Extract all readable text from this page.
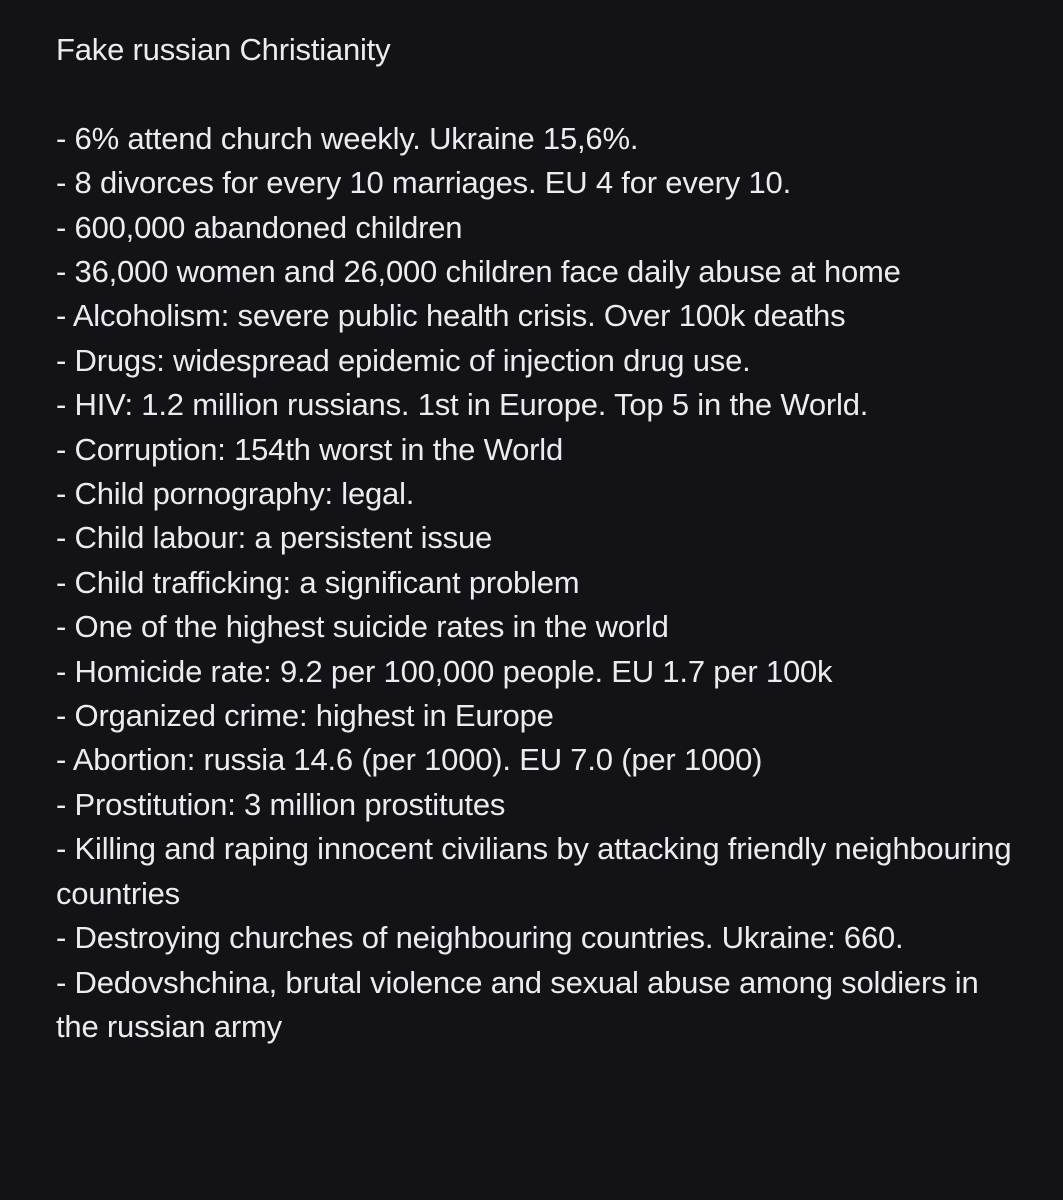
Fake russian Christianity
- 6% attend church weekly. Ukraine 15,6%.
- 8 divorces for every 10 marriages. EU 4 for every 10.
- 600,000 abandoned children
- 36,000 women and 26,000 children face daily abuse at home
- Alcoholism: severe public health crisis. Over 100k deaths
- Drugs: widespread epidemic of injection drug use.
- HIV: 1.2 million russians. 1st in Europe. Top 5 in the World.
- Corruption: 154th worst in the World
- Child pornography: legal.
- Child labour: a persistent issue
- Child trafficking: a significant problem
- One of the highest suicide rates in the world
- Homicide rate: 9.2 per 100,000 people. EU 1.7 per 100k
- Organized crime: highest in Europe
- Abortion: russia 14.6 (per 1000). EU 7.0 (per 1000)
- Prostitution: 3 million prostitutes
- Killing and raping innocent civilians by attacking friendly neighbouring countries
- Destroying churches of neighbouring countries. Ukraine: 660.
- Dedovshchina, brutal violence and sexual abuse among soldiers in the russian army
